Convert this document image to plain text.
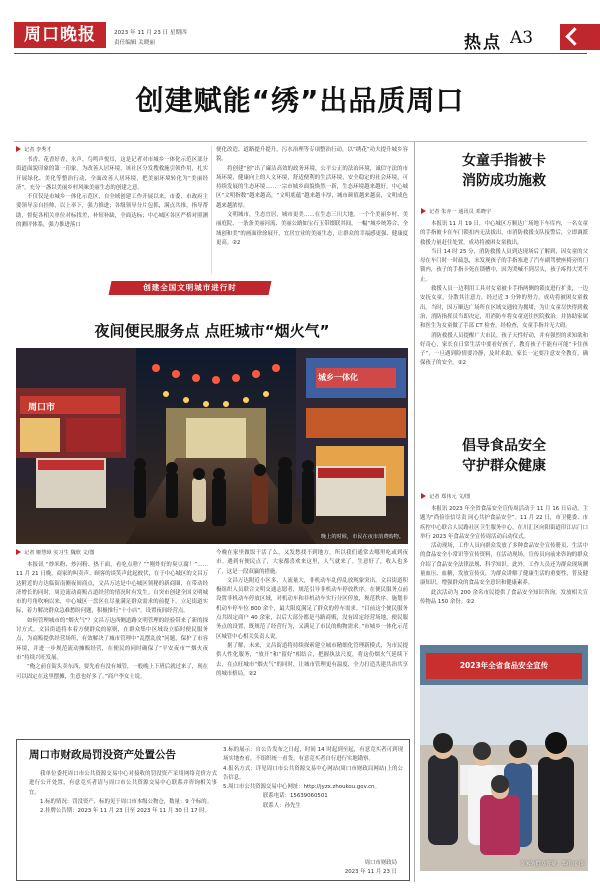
周口晚报	2023 年 11 月 23 日 星期四
责任编辑 关晓丽	热点 A3
创建赋能“绣”出品质周口
记者 李秀才

书香、花香好香，水声、鸟鸣声悦耳，这是记者对市城乡一体化示范区部分街道面貌印象的第一印象。为改善人居环境，该社区分发搜救施引领作用，扎实开展绿化、美化等整治行动，全面改善人居环境，把美丽环境转化为“美丽经济”，充分一盏以美丽乡村风味美丽生态的创建之意。

不仅仅是市城乡一体化示范区，自全域创建工作开展以来，市委、市政府主要领导亲自挂帅，以上率下，强力推进；各级领导分片包抓，满点共推，指导帮助，督促各相关单位对标找差，补短补缺，全面达标；中心城区各区严格对照测的测评体系，强力推进落口

便化改造、道路提升提升，污水治理等专项整治行动，以“绣花”功夫提升城乡容貌。

将创建“创”出了廉洁高效的政务环境，公平公正的法治环境，诚信守法的市场环境，健康向上的人文环境，舒适便利的生活环境，安全稳定的社会环境，可持续发展的生态环境……一宗市城乡面貌焕然一新，生态环境越来越好，中心城区“文明指数”越来越高，“文明底蕴”越来越丰厚，城市颜值越来越高，文明成色越来越浓厚。

文明城市，生态宜居，城市更美……在生态三川大地，一个个美丽乡村、美丽庭院、一条条美丽河流、美丽公路如宝石玉带缀联其间，一幅“城乡统筹合、全域创和美”的画面徐徐展开，宜居宜业的美丽生态，让群众的幸福感更强、健康度更高。②2

创建全国文明城市进行时
夜间便民服务点 点旺城市“烟火气”
周口市
城乡一体化
晚上的时候，市民在夜市消费购物。
记者 姬慧璋 实习生 魏欣 文/图

本报讯 “炒米粉、炒河粉、热干面，看吃点啥？”“刚炸好的臭豆腐！”……11 月 21 日晚，商家的叫卖声、顾客的谈笑声此起彼伏，在于中心城区的文昌万达附近的方达临街南侧夜间商点，文昌万达是中心城区领秘的新商圈，在带动经济增长的同时，周边流动商贩占道经营的情况时有发生。自突市创建全国文明城市的号角吹响以来，中心城区一盘区在尽量满足群众需求的前提下，立足街道实际，着力解决群众急难愁盼问题，积极推行“十小店”，设置夜间经营点。

如何管理城市的“烟火气”？文昌万达西侧道路文明管理的经验带来了新的探讨方式。文昌街道将本着方便群众的原则，在群众集中区域设立临时便民服务点，为商贩提供经营场所，有效解决了城市管理中“乱摆乱放”问题，保护了市容环境，并进一步规范流动摊贩经营，在便民的同时确保了“平安夜市”“烟火夜市”持续兴旺发展。

“俺之前在街头卖东西，要先看有没有城管，一般晚上下班后就过来了，现在可以固定在这里摆摊，生意也好多了。”商户李女士说。

今晚在家里做饭干活了么，又发愁找不到地方，所以我们通常去哪里吃或到夜市。遇到有便民点了，大家都喜欢来这里，人气就来了。生意好了，收入也多了，这是一段双赢的措施。

文昌万达附近小区多、人流量大，非机动车乱停乱放现象突出，文昌街道积极组织人员联合文明交通志愿者，规范引导非机动车停放秩序，在便民服务点前设置非机动车停放区域，对机动车和非机动车实行分区停放，规范秩序，施划非机动车停车位 800 余个，最大限度满足了群众的停车需求。“目前这个便民服务点共固定商户 40 余家，以后大部分都是马路商贩，没有固定经营场地，便民服务点的设置，既规范了经营行为，又满足了市民的购物需求。”市城乡一体化示范区城管中心相关负责人说。

据了解，未来，文昌街道将持续探索建立城市精细化管理新模式，为市民提供人性化服务，“放开”和“留好”相结合，把握执法尺度，将这份烟火气延续下去，在点旺城市“烟火气”的同时，让城市管理更有温度，全力打造共建共治共享的城市格局。②2

女童手指被卡
消防成功施救
记者 朱亦一 通讯员 邓晓宇

本报讯 11 月 19 日，中心城区万顺达广场地下车库内，一名女童的手指被卡在车门锁扣内无法拔出，市消防救援支队接警后，立即调派救援力量赶往处置，成功将被困女童救出。

当日 14 时 25 分，消防救援人员到达现场后了解到，因女童的父母在车门时一时疏忽，未发现孩子的手指塞进了汽车副驾驶座椅旁的门锁内，孩子的手指卡死在锁槽中，因为哭喊不到尽头，孩子疼得大哭不止。

救援人员一边利用工具对女童被卡手指两侧的锁皮进行扩张，一边安抚女童，分散其注意力，经过近 3 分钟的努力，成功将被困女童救出。当时，因万顺达广场所在区域交通较为拥堵，为让女童尽快得到救治，消防指挥员当即决定，用消防车将女童送往医院救治。并协助家属和医生为女童做了手部 CT 检查，经检查，女童手指并无大碍。

消防救援人员提醒广大市民，孩子天性好动，并有强烈的求知欲和好奇心，家长在日常生活中要看好孩子，教育孩子不能有可能“卡住孩子”，一旦遇到险情要冷静，及时求助，家长一定要注意安全教育，确保孩子的安全。②2

倡导食品安全
守护群众健康
记者 郑伟元 文/图

本报讯 2023 年全省食品安全宣传周活动于 11 月 16 日启动，主题为“尚俭崇信尽责 同心共护食品安全”。11 月 22 日，市卫健委、市疾控中心联合人民路社区卫生服务中心，在川汇区向阳街道印江店门口举行 2023 年食品安全宣传周活动启动仪式。

活动现场，工作人员向群众发放了多种食品安全宣传册页、生活中的食品安全小常识等宣传资料，在活动现场，宣传员向前来咨询的群众介绍了食品安全法律法规、科学知识。此外，工作人员还为群众现场测量血压、血糖，发放宣传页，为群众讲解了健康生活的重要性，普及健康知识，增强群众的食品安全意识和健康素养。

此次活动为 200 余名市民提供了食品安全知识咨询，发放相关宣传物品 150 余份。②2

2023年全省食品安全宣传
专家为群众答疑。郑伟元 摄
周口市财政局罚没资产处置公告

我单位委托周口市公共资源交易中心对接收的罚没资产采用网络竞价方式进行公开处置，有意竞买者请与周口市公共资源交易中心联系并咨询相关事宜。

1.标的情况：罚没资产，标的见于周口市本级公物仓，数量：9 个标的。

2.挂牌公告期：2023 年 11 月 23 日至 2023 年 11 月 30 日 17 时。

3.标的展示：自公告发布之日起，时间 14 时起到至起，有意竞买者可到现场实地查看，不组织统一看货，有意竞买者自行进行实地勘察。

4.报名方式：详见周口市公共资源交易中心网站(周口市财政局网站)上的公告信息。

5.周口市公共资源交易中心网址：http://jyzx.zhoukou.gov.cn。

联系电话：15639060501

联系人：孙先生

周口市财政局
2023 年 11 月 23 日
